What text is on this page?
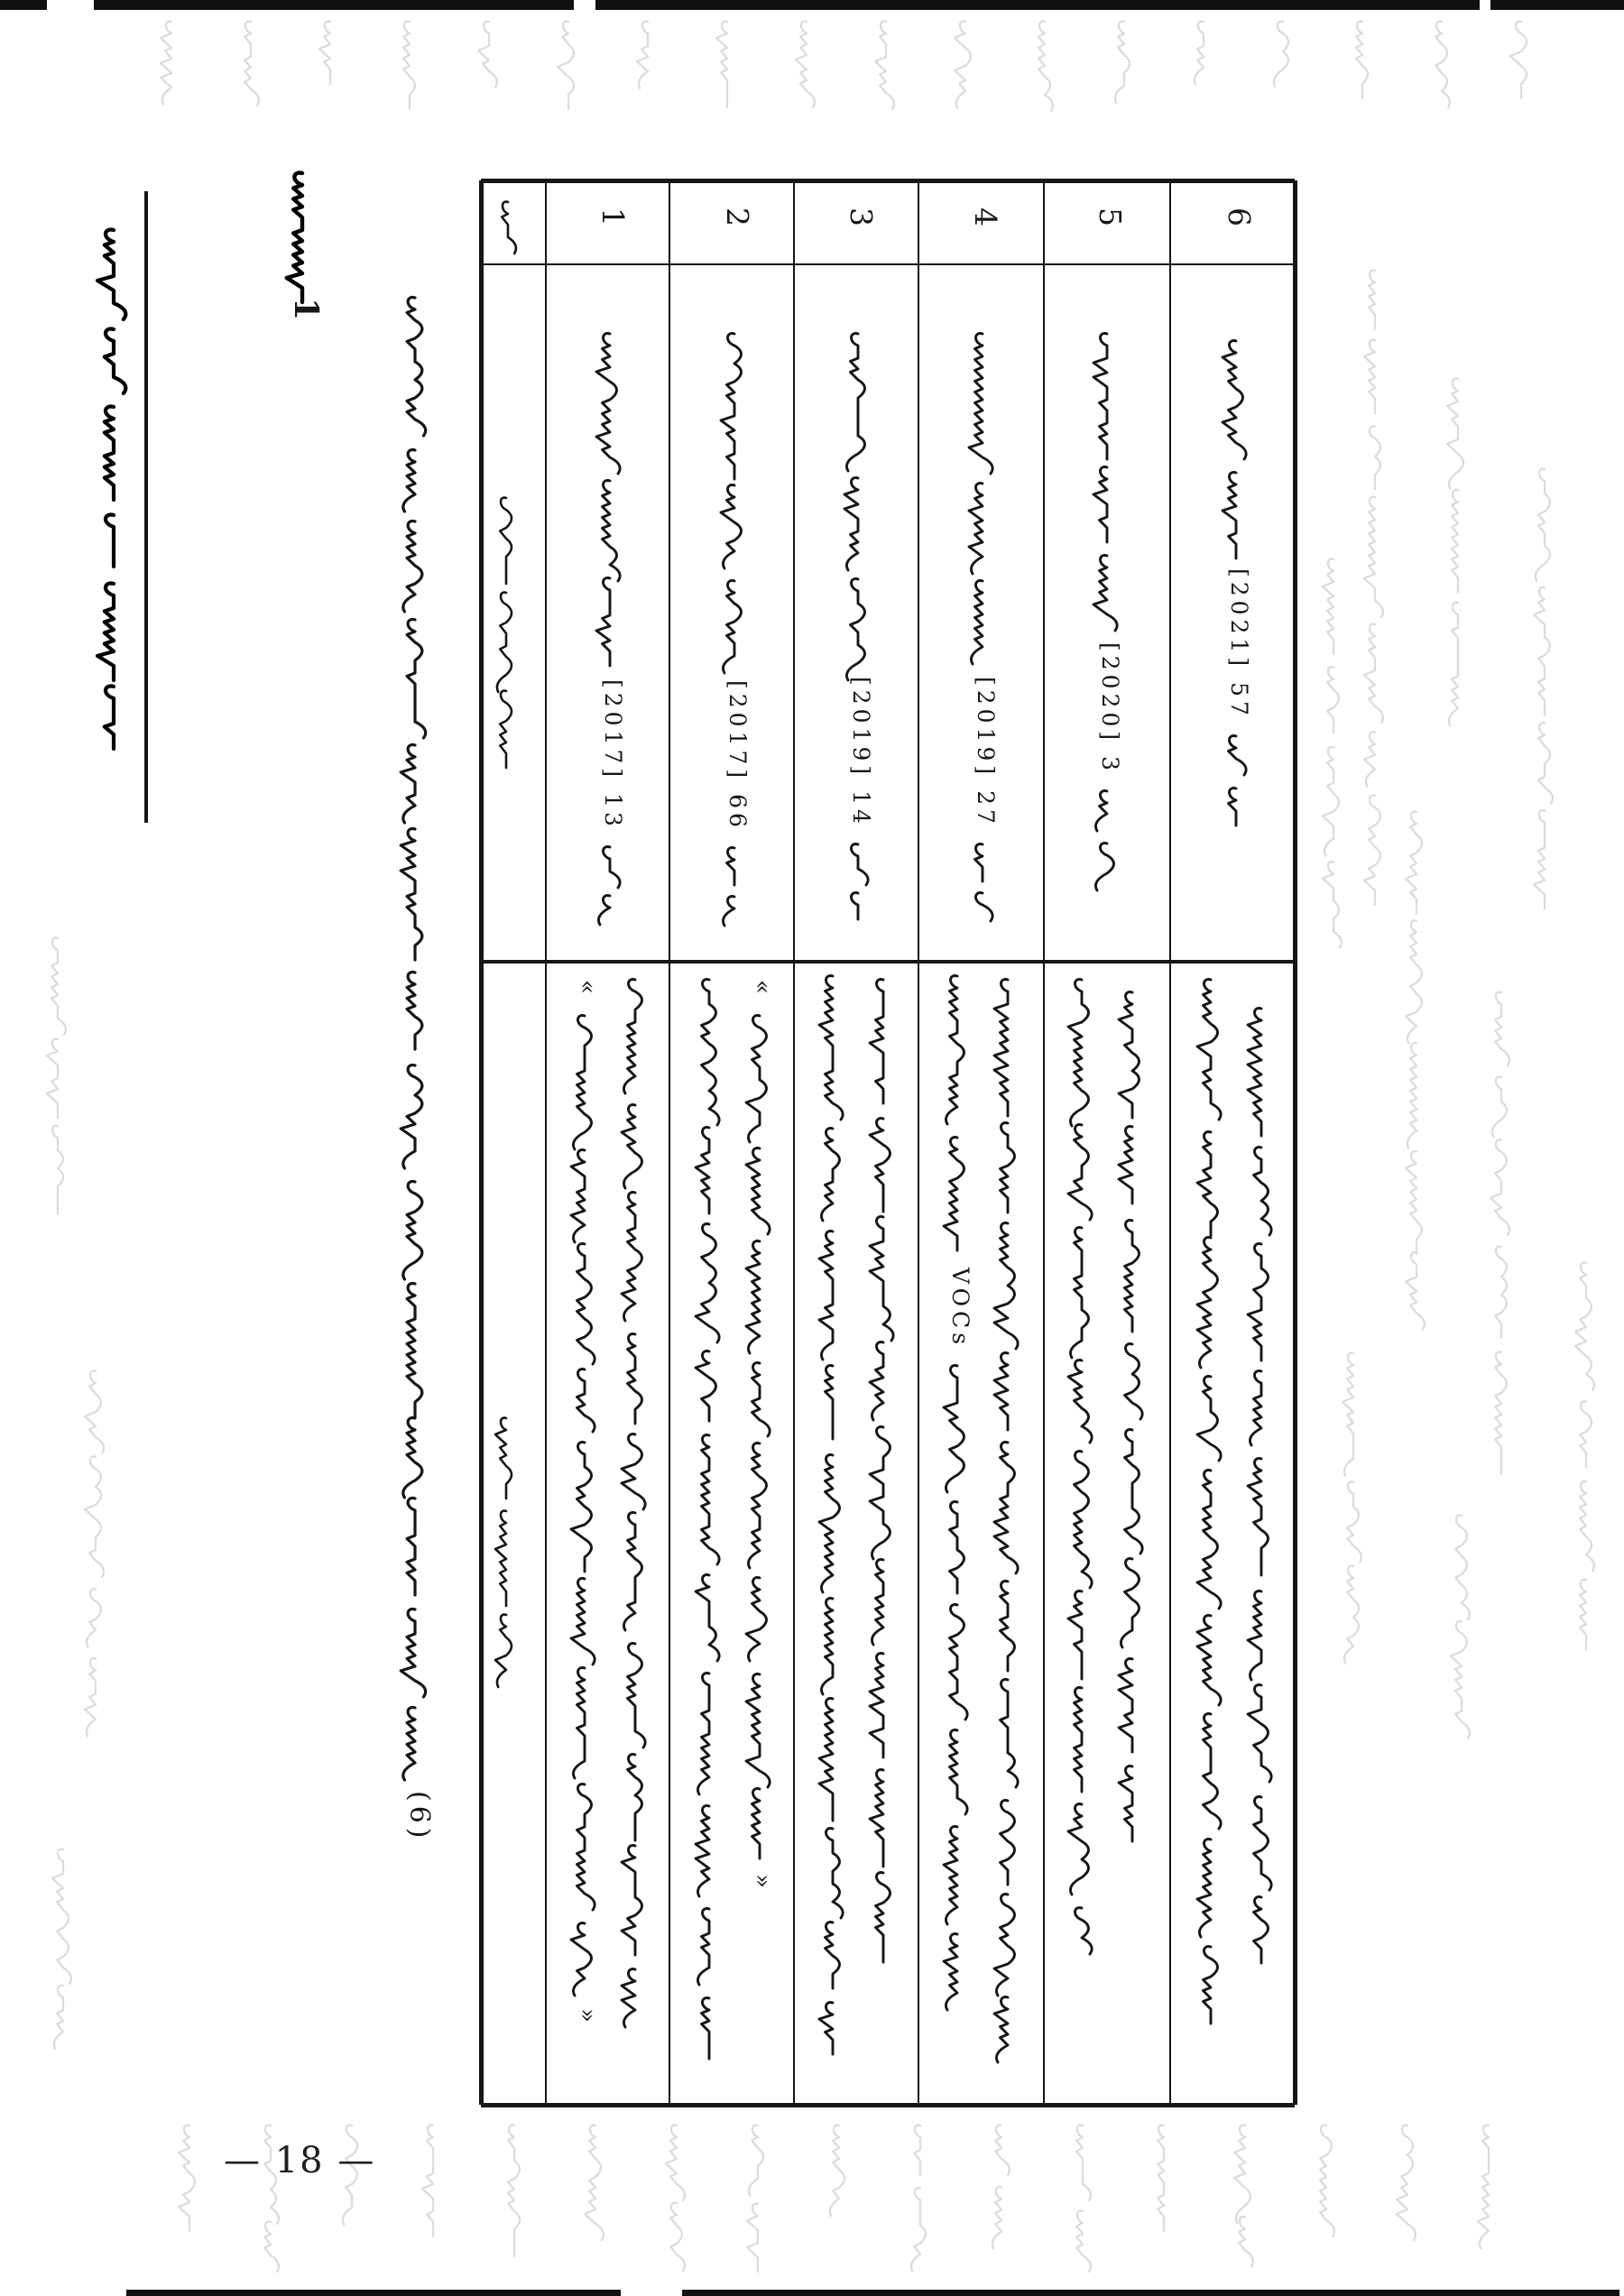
1
(6)
1
[2017] 13
«
»
2
[2017] 66
«
»
3
[2019] 14
4
[2019] 27
VOCs
5
[2020] 3
6
[2021] 57
— 18 —
